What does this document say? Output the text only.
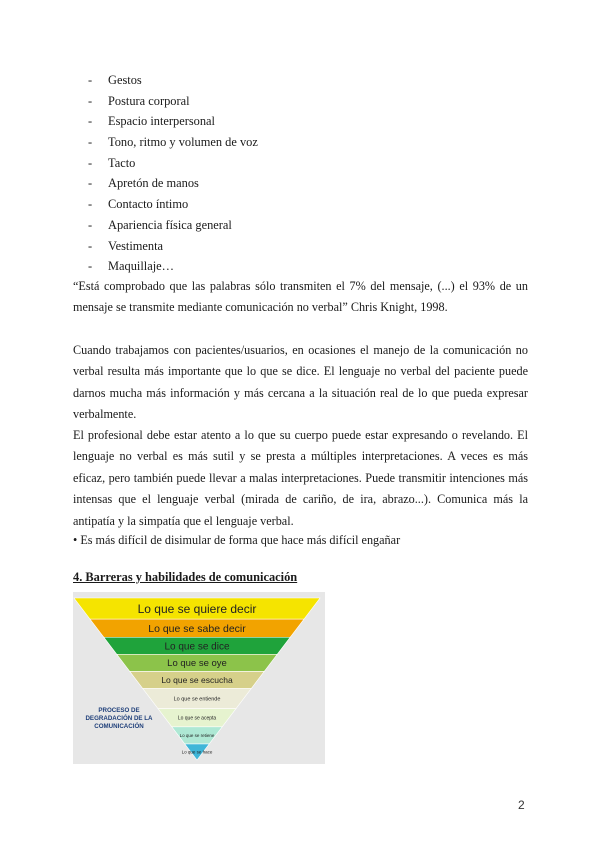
- Gestos
- Postura corporal
- Espacio interpersonal
- Tono, ritmo y volumen de voz
- Tacto
- Apretón de manos
- Contacto íntimo
- Apariencia física general
- Vestimenta
- Maquillaje…

“Está comprobado que las palabras sólo transmiten el 7% del mensaje, (...) el 93% de un mensaje se transmite mediante comunicación no verbal” Chris Knight, 1998.

Cuando trabajamos con pacientes/usuarios, en ocasiones el manejo de la comunicación no verbal resulta más importante que lo que se dice. El lenguaje no verbal del paciente puede darnos mucha más información y más cercana a la situación real de lo que pueda expresar verbalmente.

El profesional debe estar atento a lo que su cuerpo puede estar expresando o revelando. El lenguaje no verbal es más sutil y se presta a múltiples interpretaciones. A veces es más eficaz, pero también puede llevar a malas interpretaciones. Puede transmitir intenciones más intensas que el lenguaje verbal (mirada de cariño, de ira, abrazo...). Comunica más la antipatía y la simpatía que el lenguaje verbal.

• Es más difícil de disimular de forma que hace más difícil engañar

4. Barreras y habilidades de comunicación
Lo que se quiere decir
Lo que se sabe decir
Lo que se dice
Lo que se oye
Lo que se escucha
Lo que se entiende
Lo que se acepta
Lo que se retiene
Lo que se hace
PROCESO DE DEGRADACIÓN DE LA COMUNICACIÓN
2
